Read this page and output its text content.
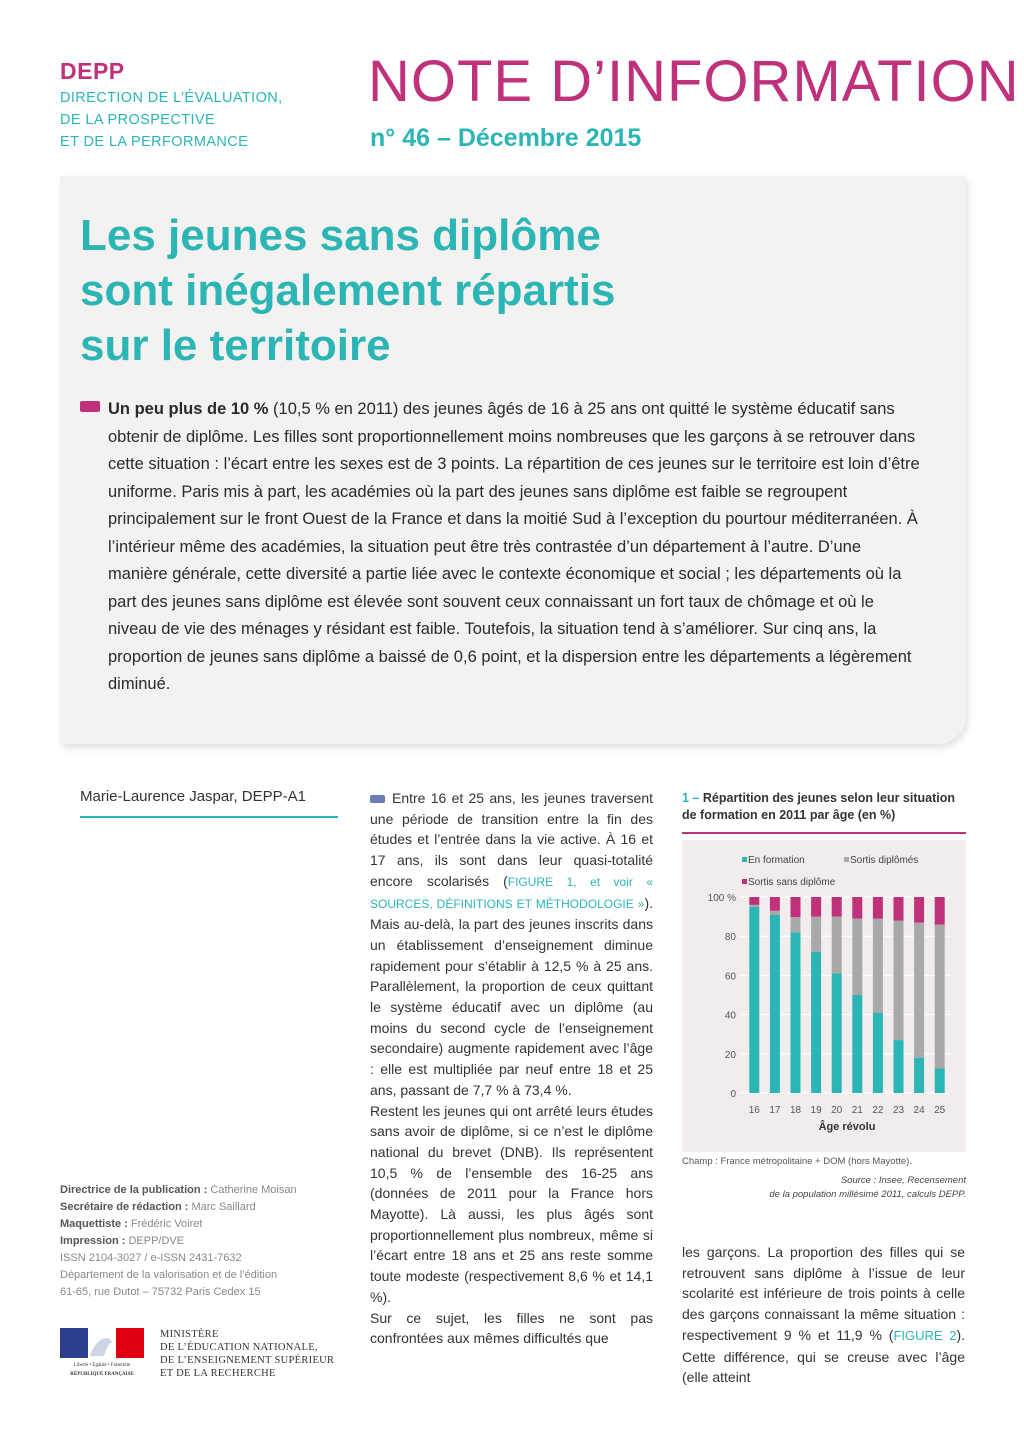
DEPP
DIRECTION DE L’ÉVALUATION,
DE LA PROSPECTIVE
ET DE LA PERFORMANCE
NOTE D’INFORMATION
n° 46 – Décembre 2015
Les jeunes sans diplôme
sont inégalement répartis
sur le territoire
Un peu plus de 10 % (10,5 % en 2011) des jeunes âgés de 16 à 25 ans ont quitté le système éducatif sans obtenir de diplôme. Les filles sont proportionnellement moins nombreuses que les garçons à se retrouver dans cette situation : l’écart entre les sexes est de 3 points. La répartition de ces jeunes sur le territoire est loin d’être uniforme. Paris mis à part, les académies où la part des jeunes sans diplôme est faible se regroupent principalement sur le front Ouest de la France et dans la moitié Sud à l’exception du pourtour méditerranéen. À l’intérieur même des académies, la situation peut être très contrastée d’un département à l’autre. D’une manière générale, cette diversité a partie liée avec le contexte économique et social ; les départements où la part des jeunes sans diplôme est élevée sont souvent ceux connaissant un fort taux de chômage et où le niveau de vie des ménages y résidant est faible. Toutefois, la situation tend à s’améliorer. Sur cinq ans, la proportion de jeunes sans diplôme a baissé de 0,6 point, et la dispersion entre les départements a légèrement diminué.
Marie-Laurence Jaspar, DEPP-A1	Entre 16 et 25 ans, les jeunes traversent une période de transition entre la fin des études et l’entrée dans la vie active. À 16 et 17 ans, ils sont dans leur quasi-totalité encore scolarisés (FIGURE 1, et voir « SOURCES, DÉFINITIONS ET MÉTHODOLOGIE »). Mais au-delà, la part des jeunes inscrits dans un établissement d’enseignement diminue rapidement pour s’établir à 12,5 % à 25 ans. Parallèlement, la proportion de ceux quittant le système éducatif avec un diplôme (au moins du second cycle de l’enseignement secondaire) augmente rapidement avec l’âge : elle est multipliée par neuf entre 18 et 25 ans, passant de 7,7 % à 73,4 %.
Restent les jeunes qui ont arrêté leurs études sans avoir de diplôme, si ce n’est le diplôme national du brevet (DNB). Ils représentent 10,5 % de l’ensemble des 16-25 ans (données de 2011 pour la France hors Mayotte). Là aussi, les plus âgés sont proportionnellement plus nombreux, même si l’écart entre 18 ans et 25 ans reste somme toute modeste (respectivement 8,6 % et 14,1 %).
Sur ce sujet, les filles ne sont pas confrontées aux mêmes difficultés que
les garçons. La proportion des filles qui se retrouvent sans diplôme à l’issue de leur scolarité est inférieure de trois points à celle des garçons connaissant la même situation : respectivement 9 % et 11,9 % (FIGURE 2). Cette différence, qui se creuse avec l’âge (elle atteint
1 – Répartition des jeunes selon leur situation de formation en 2011 par âge (en %)
0
20
40
60
80
100 %
En formation	Sortis diplômés
Sortis sans diplôme
16 17 18 19 20 21 22 23 24 25
Âge révolu
Champ : France métropolitaine + DOM (hors Mayotte).
Source : Insee, Recensement
de la population millésimé 2011, calculs DEPP.
Directrice de la publication : Catherine Moisan
Secrétaire de rédaction : Marc Saillard
Maquettiste : Frédéric Voiret
Impression : DEPP/DVE
ISSN 2104-3027 / e-ISSN 2431-7632
Département de la valorisation et de l’édition
61-65, rue Dutot – 75732 Paris Cedex 15
Liberté • Égalité • Fraternité
RÉPUBLIQUE FRANÇAISE
MINISTÈRE
DE L’ÉDUCATION NATIONALE,
DE L’ENSEIGNEMENT SUPÉRIEUR
ET DE LA RECHERCHE
